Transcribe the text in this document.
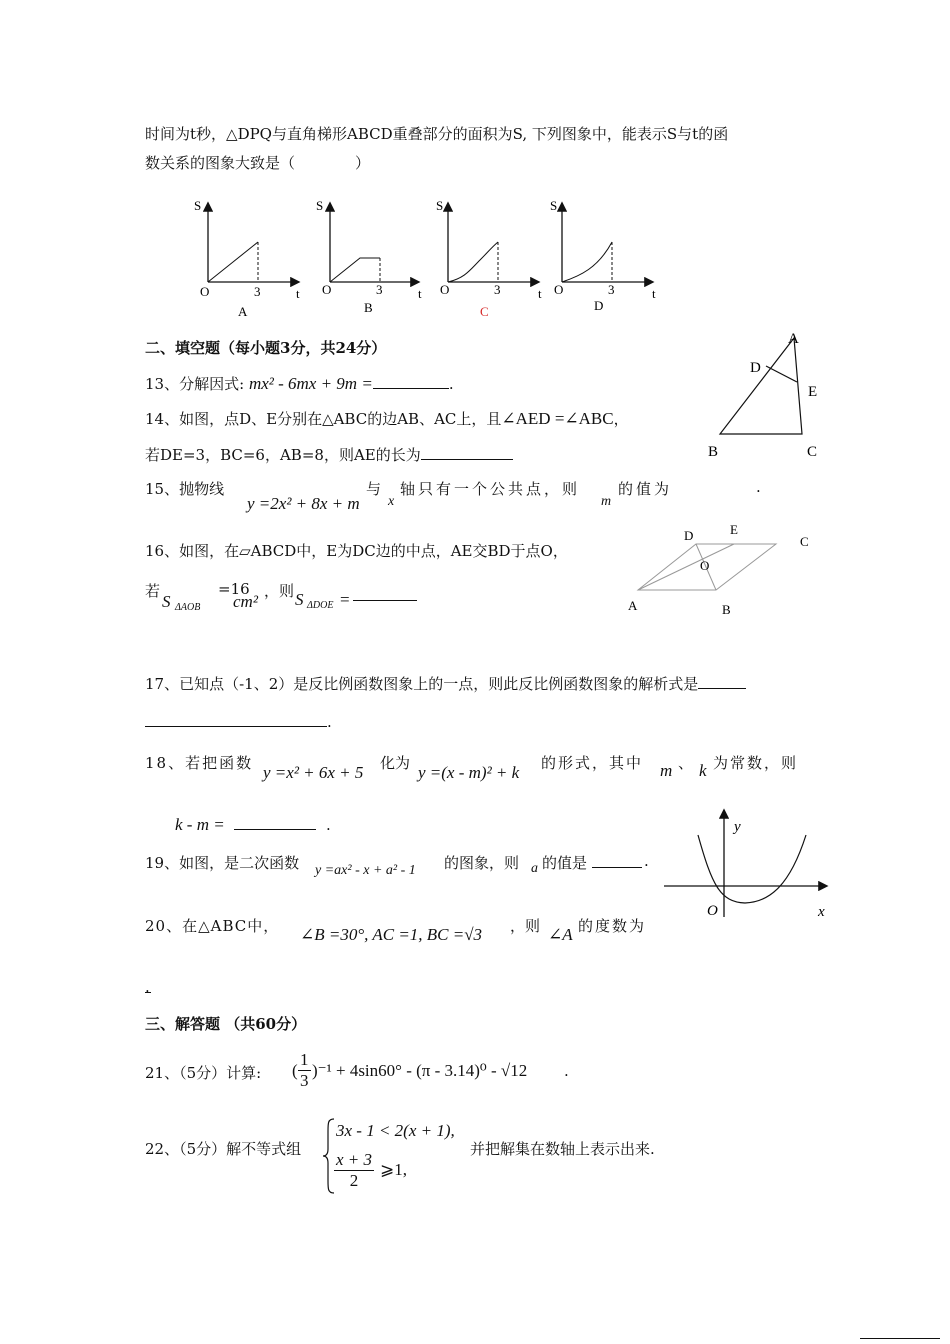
时间为t秒，△DPQ与直角梯形ABCD重叠部分的面积为S, 下列图象中，能表示S与t的函
数关系的图象大致是（　　　　）
S
O	3	t
A
S
O	3	t
B
S
O	3	t
C
S
O	3	t
D
二、填空题（每小题3分，共24分）
13、分解因式: mx² - 6mx + 9m =	.
A
D
E
B	C
14、如图，点D、E分别在△ABC的边AB、AC上，且∠AED =∠ABC，
若DE=3，BC=6，AB=8，则AE的长为
15、抛物线
y =2x² + 8x + m
与
x
轴只有一个公共点，则
m
的值为	.
D	E
C
O
A	B
16、如图，在▱ABCD中，E为DC边的中点，AE交BD于点O，
若
S ΔAOB
=16
cm²
，则 S ΔDOE =
17、已知点（-1、2）是反比例函数图象上的一点，则此反比例函数图象的解析式是
.
18、若把函数 y =x² + 6x + 5 化为 y =(x - m)² + k 的形式，其中 m 、 k 为常数，则
k - m =	.	y
x
O
19、如图，是二次函数 y =ax² - x + a² - 1 的图象，则 a 的值是	.
20、在△ABC中， ∠B =30°, AC =1, BC =√3 ，则 ∠A 的度数为
.
三、解答题 （共60分）
21、（5分）计算: ( $\frac{1}{3} )^{-1} + 4\sin 60^\circ - (\pi - 3.14)^0 - √12$ .
22、（5分）解不等式组
3x - 1 < 2(x + 1),
$\frac{x + 3}{2}$ ⩾1,
并把解集在数轴上表示出来.
